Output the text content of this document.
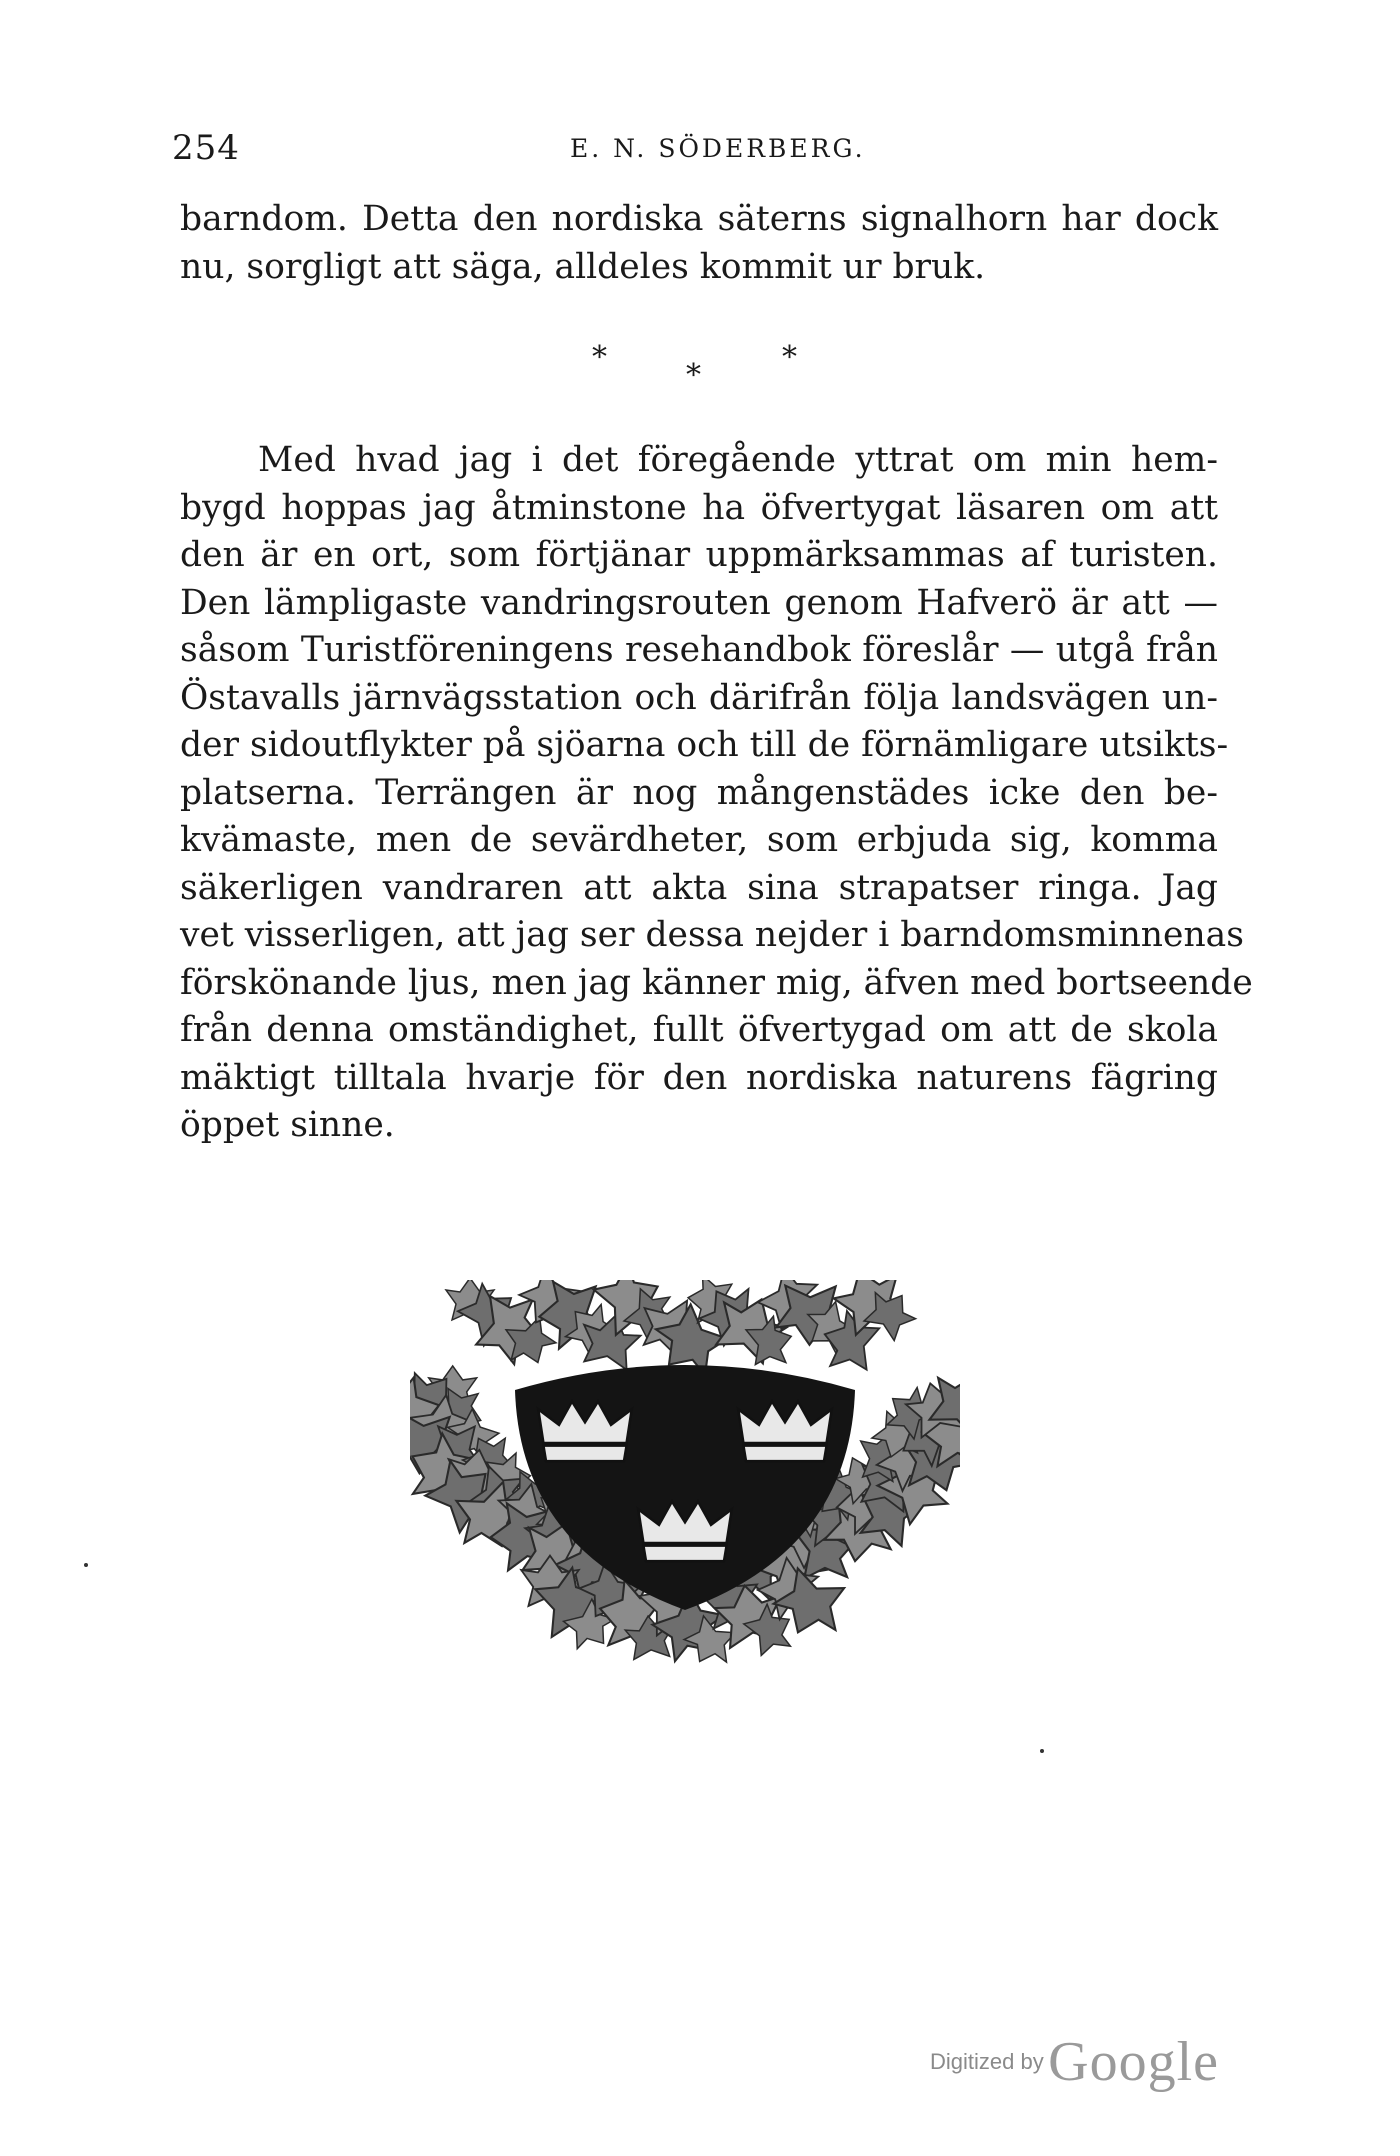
254	E. N. SÖDERBERG.
barndom. Detta den nordiska säterns signalhorn har dock
nu, sorgligt att säga, alldeles kommit ur bruk.
*
*
*
Med hvad jag i det föregående yttrat om min hem-
bygd hoppas jag åtminstone ha öfvertygat läsaren om att
den är en ort, som förtjänar uppmärksammas af turisten.
Den lämpligaste vandringsrouten genom Hafverö är att —
såsom Turistföreningens resehandbok föreslår — utgå från
Östavalls järnvägsstation och därifrån följa landsvägen un-
der sidoutflykter på sjöarna och till de förnämligare utsikts-
platserna. Terrängen är nog mångenstädes icke den be-
kvämaste, men de sevärdheter, som erbjuda sig, komma
säkerligen vandraren att akta sina strapatser ringa. Jag
vet visserligen, att jag ser dessa nejder i barndomsminnenas
förskönande ljus, men jag känner mig, äfven med bortseende
från denna omständighet, fullt öfvertygad om att de skola
mäktigt tilltala hvarje för den nordiska naturens fägring
öppet sinne.
Digitized by Google
